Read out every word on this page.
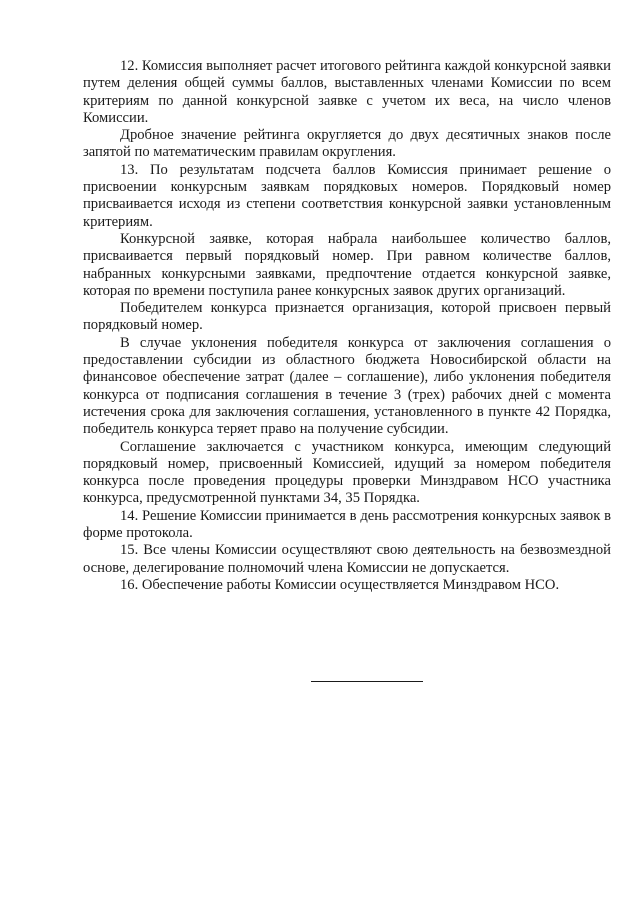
12. Комиссия выполняет расчет итогового рейтинга каждой конкурсной заявки путем деления общей суммы баллов, выставленных членами Комиссии по всем критериям по данной конкурсной заявке с учетом их веса, на число членов Комиссии.

Дробное значение рейтинга округляется до двух десятичных знаков после запятой по математическим правилам округления.

13. По результатам подсчета баллов Комиссия принимает решение о присвоении конкурсным заявкам порядковых номеров. Порядковый номер присваивается исходя из степени соответствия конкурсной заявки установленным критериям.

Конкурсной заявке, которая набрала наибольшее количество баллов, присваивается первый порядковый номер. При равном количестве баллов, набранных конкурсными заявками, предпочтение отдается конкурсной заявке, которая по времени поступила ранее конкурсных заявок других организаций.

Победителем конкурса признается организация, которой присвоен первый порядковый номер.

В случае уклонения победителя конкурса от заключения соглашения о предоставлении субсидии из областного бюджета Новосибирской области на финансовое обеспечение затрат (далее – соглашение), либо уклонения победителя конкурса от подписания соглашения в течение 3 (трех) рабочих дней с момента истечения срока для заключения соглашения, установленного в пункте 42 Порядка, победитель конкурса теряет право на получение субсидии.

Соглашение заключается с участником конкурса, имеющим следующий порядковый номер, присвоенный Комиссией, идущий за номером победителя конкурса после проведения процедуры проверки Минздравом НСО участника конкурса, предусмотренной пунктами 34, 35 Порядка.

14. Решение Комиссии принимается в день рассмотрения конкурсных заявок в форме протокола.

15. Все члены Комиссии осуществляют свою деятельность на безвозмездной основе, делегирование полномочий члена Комиссии не допускается.

16. Обеспечение работы Комиссии осуществляется Минздравом НСО.
